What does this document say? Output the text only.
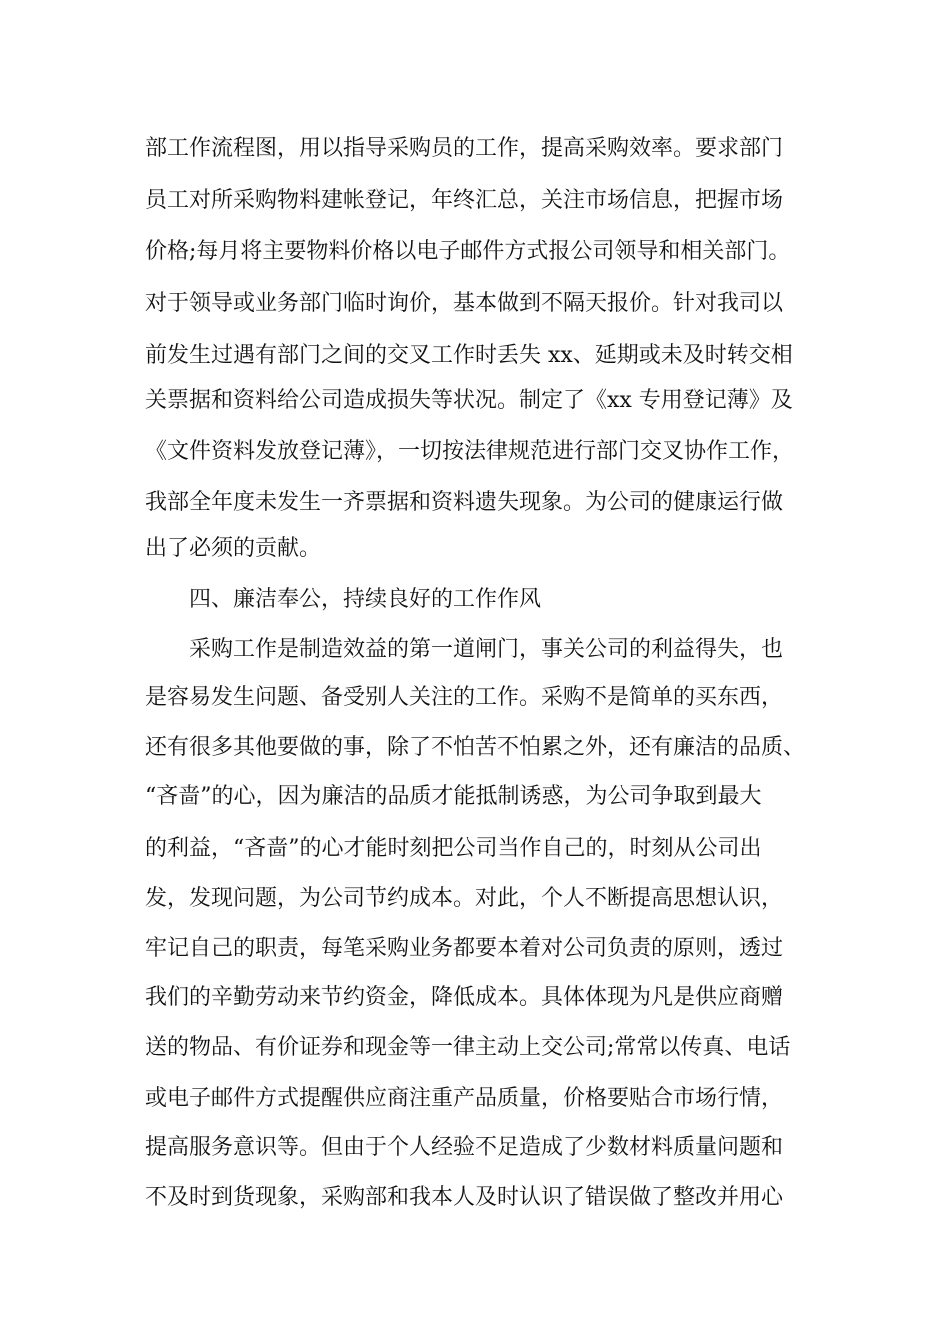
部工作流程图，用以指导采购员的工作，提高采购效率。要求部门

员工对所采购物料建帐登记，年终汇总，关注市场信息，把握市场

价格;每月将主要物料价格以电子邮件方式报公司领导和相关部门。

对于领导或业务部门临时询价，基本做到不隔天报价。针对我司以

前发生过遇有部门之间的交叉工作时丢失 xx、延期或未及时转交相

关票据和资料给公司造成损失等状况。制定了《xx 专用登记薄》及

《文件资料发放登记薄》，一切按法律规范进行部门交叉协作工作，

我部全年度未发生一齐票据和资料遗失现象。为公司的健康运行做

出了必须的贡献。

四、廉洁奉公，持续良好的工作作风

采购工作是制造效益的第一道闸门，事关公司的利益得失，也

是容易发生问题、备受别人关注的工作。采购不是简单的买东西，

还有很多其他要做的事，除了不怕苦不怕累之外，还有廉洁的品质、

“吝啬”的心，因为廉洁的品质才能抵制诱惑，为公司争取到最大

的利益，“吝啬”的心才能时刻把公司当作自己的，时刻从公司出

发，发现问题，为公司节约成本。对此，个人不断提高思想认识，

牢记自己的职责，每笔采购业务都要本着对公司负责的原则，透过

我们的辛勤劳动来节约资金，降低成本。具体体现为凡是供应商赠

送的物品、有价证券和现金等一律主动上交公司;常常以传真、电话

或电子邮件方式提醒供应商注重产品质量，价格要贴合市场行情，

提高服务意识等。但由于个人经验不足造成了少数材料质量问题和

不及时到货现象，采购部和我本人及时认识了错误做了整改并用心
